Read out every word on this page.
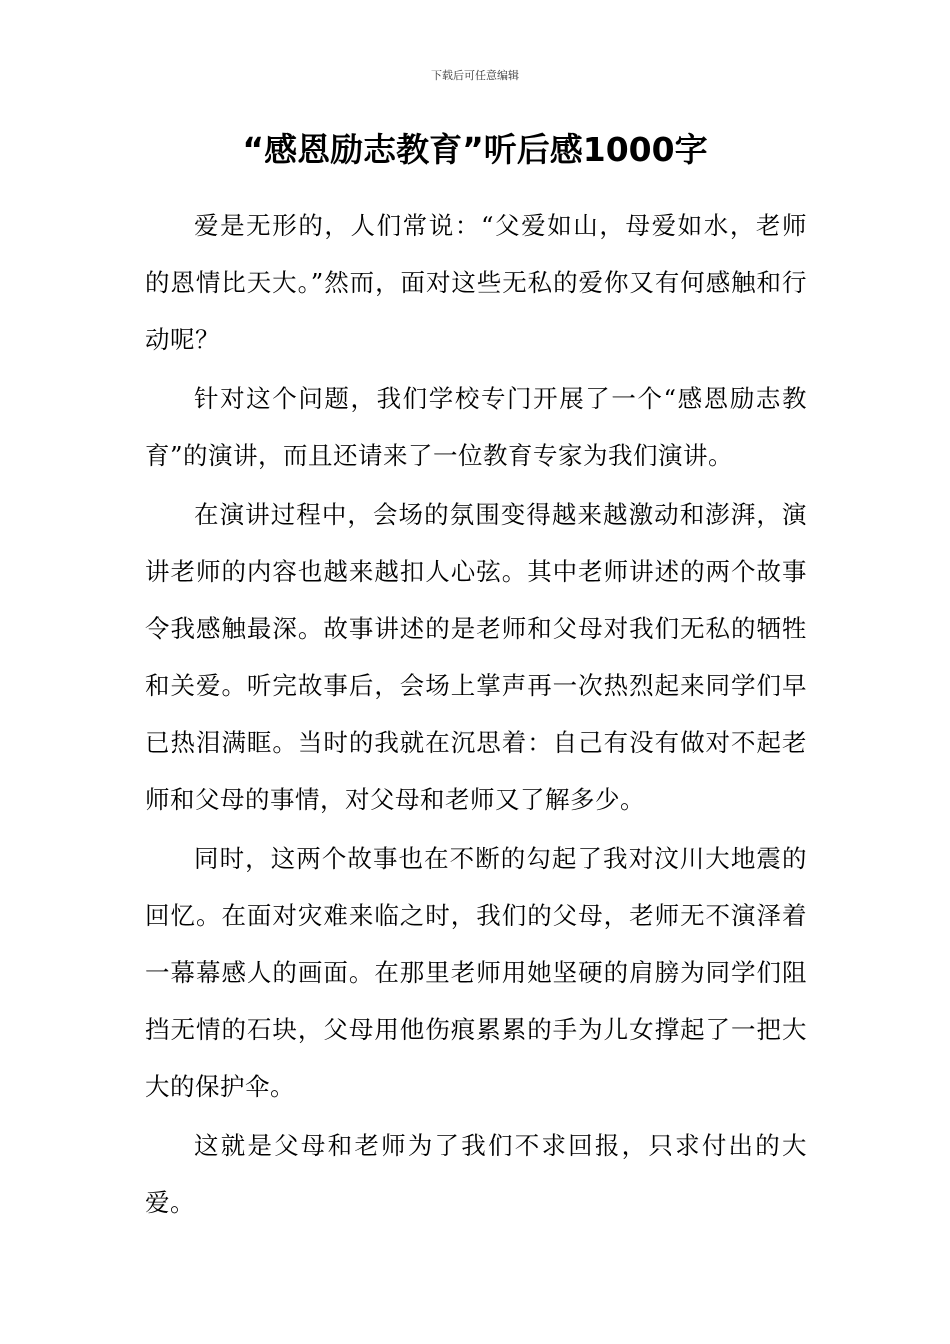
下载后可任意编辑
“感恩励志教育”听后感1000字

爱是无形的，人们常说：“父爱如山，母爱如水，老师的恩情比天大。”然而，面对这些无私的爱你又有何感触和行动呢？

针对这个问题，我们学校专门开展了一个“感恩励志教育”的演讲，而且还请来了一位教育专家为我们演讲。

在演讲过程中，会场的氛围变得越来越激动和澎湃，演讲老师的内容也越来越扣人心弦。其中老师讲述的两个故事令我感触最深。故事讲述的是老师和父母对我们无私的牺牲和关爱。听完故事后，会场上掌声再一次热烈起来同学们早已热泪满眶。当时的我就在沉思着：自己有没有做对不起老师和父母的事情，对父母和老师又了解多少。

同时，这两个故事也在不断的勾起了我对汶川大地震的回忆。在面对灾难来临之时，我们的父母，老师无不演泽着一幕幕感人的画面。在那里老师用她坚硬的肩膀为同学们阻挡无情的石块，父母用他伤痕累累的手为儿女撑起了一把大大的保护伞。

这就是父母和老师为了我们不求回报，只求付出的大爱。
